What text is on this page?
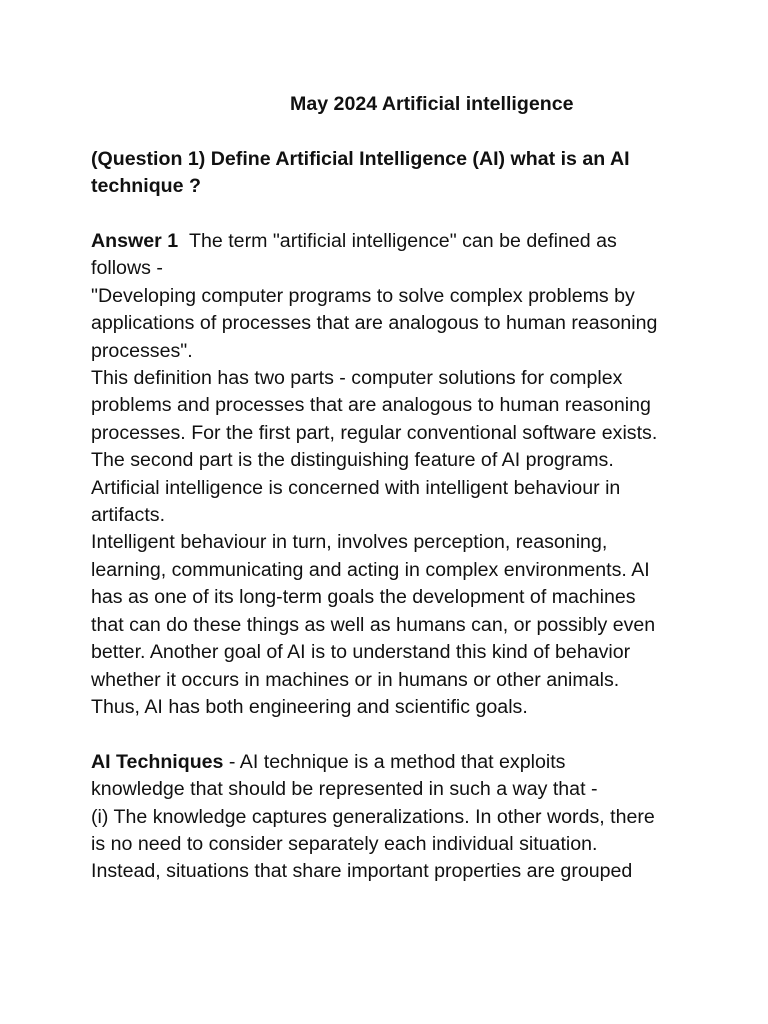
May 2024 Artificial intelligence
(Question 1) Define Artificial Intelligence (AI) what is an AI
technique ?
Answer 1 The term "artificial intelligence" can be defined as
follows -
"Developing computer programs to solve complex problems by
applications of processes that are analogous to human reasoning
processes".
This definition has two parts - computer solutions for complex
problems and processes that are analogous to human reasoning
processes. For the first part, regular conventional software exists.
The second part is the distinguishing feature of AI programs.
Artificial intelligence is concerned with intelligent behaviour in
artifacts.
Intelligent behaviour in turn, involves perception, reasoning,
learning, communicating and acting in complex environments. AI
has as one of its long-term goals the development of machines
that can do these things as well as humans can, or possibly even
better. Another goal of AI is to understand this kind of behavior
whether it occurs in machines or in humans or other animals.
Thus, AI has both engineering and scientific goals.
AI Techniques - AI technique is a method that exploits
knowledge that should be represented in such a way that -
(i) The knowledge captures generalizations. In other words, there
is no need to consider separately each individual situation.
Instead, situations that share important properties are grouped
